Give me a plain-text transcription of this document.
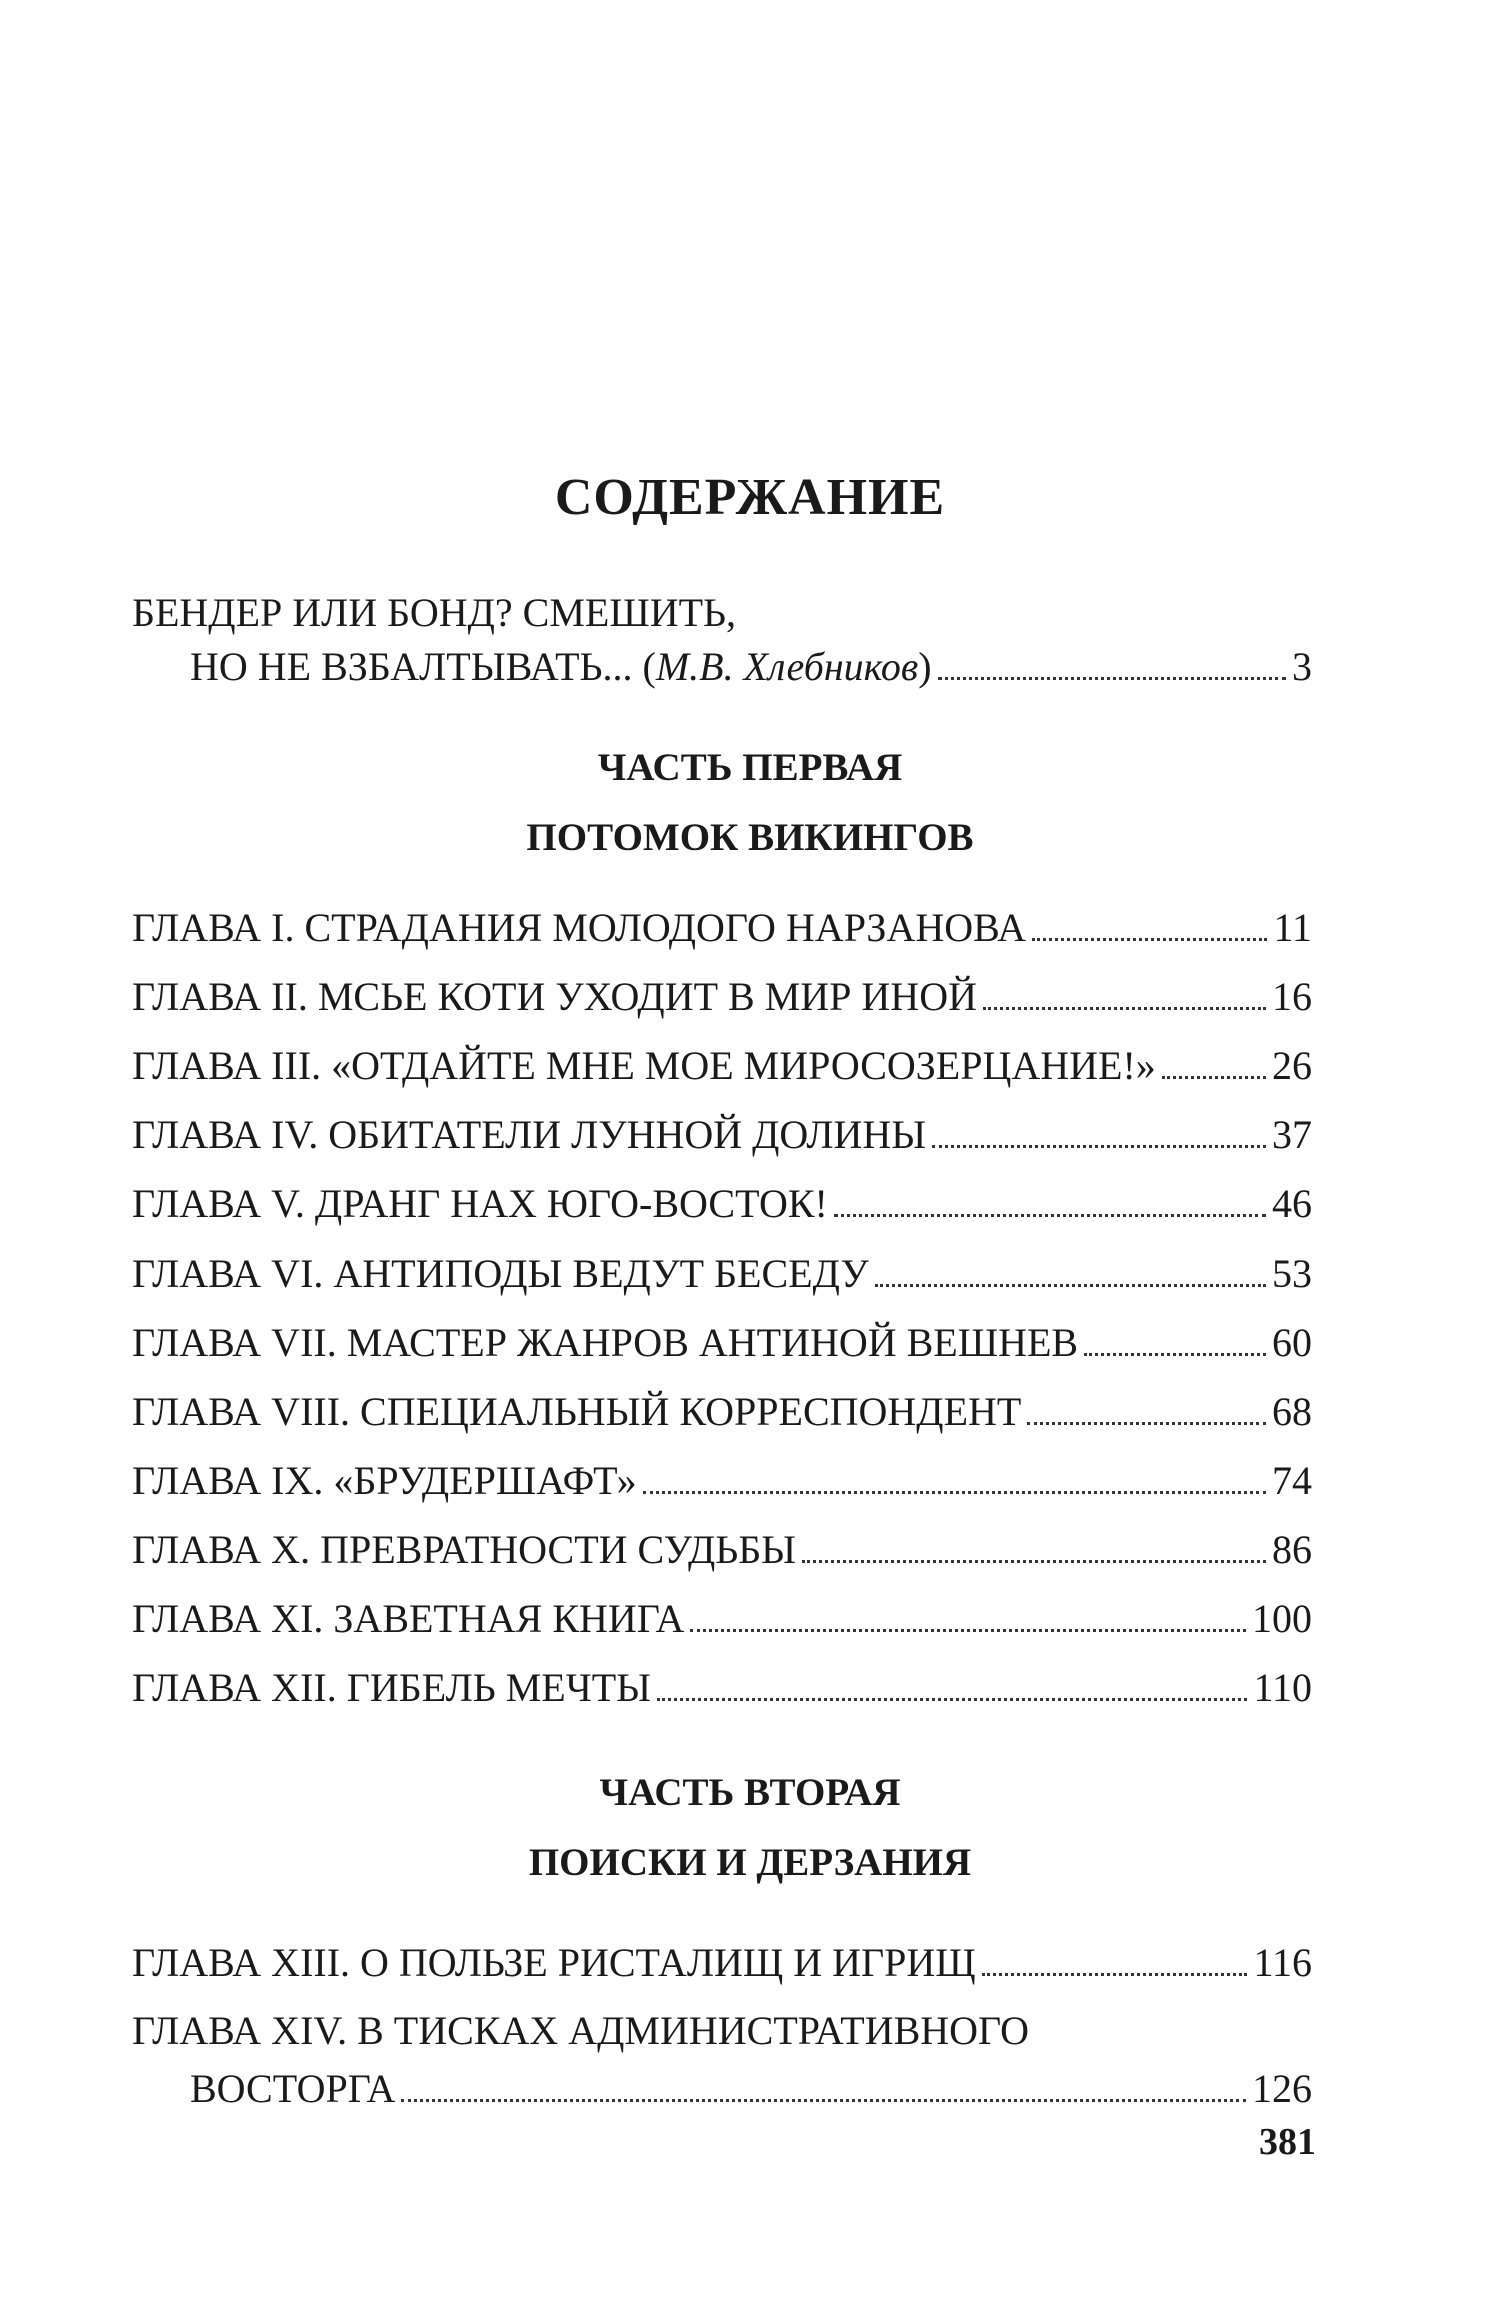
СОДЕРЖАНИЕ
БЕНДЕР ИЛИ БОНД? СМЕШИТЬ,
НО НЕ ВЗБАЛТЫВАТЬ... (М.В. Хлебников)	3
ЧАСТЬ ПЕРВАЯ
ПОТОМОК ВИКИНГОВ
ГЛАВА I. СТРАДАНИЯ МОЛОДОГО НАРЗАНОВА	11
ГЛАВА II. МСЬЕ КОТИ УХОДИТ В МИР ИНОЙ	16
ГЛАВА III. «ОТДАЙТЕ МНЕ МОЕ МИРОСОЗЕРЦАНИЕ!»	26
ГЛАВА IV. ОБИТАТЕЛИ ЛУННОЙ ДОЛИНЫ	37
ГЛАВА V. ДРАНГ НАХ ЮГО-ВОСТОК!	46
ГЛАВА VI. АНТИПОДЫ ВЕДУТ БЕСЕДУ	53
ГЛАВА VII. МАСТЕР ЖАНРОВ АНТИНОЙ ВЕШНЕВ	60
ГЛАВА VIII. СПЕЦИАЛЬНЫЙ КОРРЕСПОНДЕНТ	68
ГЛАВА IX. «БРУДЕРШАФТ»	74
ГЛАВА X. ПРЕВРАТНОСТИ СУДЬБЫ	86
ГЛАВА XI. ЗАВЕТНАЯ КНИГА	100
ГЛАВА XII. ГИБЕЛЬ МЕЧТЫ	110
ЧАСТЬ ВТОРАЯ
ПОИСКИ И ДЕРЗАНИЯ
ГЛАВА XIII. О ПОЛЬЗЕ РИСТАЛИЩ И ИГРИЩ	116
ГЛАВА XIV. В ТИСКАХ АДМИНИСТРАТИВНОГО
ВОСТОРГА	126
381
